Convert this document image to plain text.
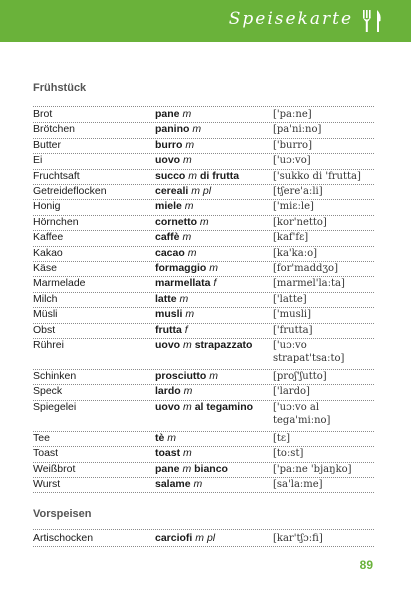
Speisekarte
Frühstück
Brot	pane m	['paːne]
Brötchen	panino m	[pa'niːno]
Butter	burro m	['burro]
Ei	uovo m	['uɔːvo]
Fruchtsaft	succo m di frutta	['sukko di 'frutta]
Getreideflocken	cereali m pl	[tʃere'aːli]
Honig	miele m	['miɛːle]
Hörnchen	cornetto m	[kor'netto]
Kaffee	caffè m	[kaf'fɛ]
Kakao	cacao m	[ka'kaːo]
Käse	formaggio m	[for'maddʒo]
Marmelade	marmellata f	[marmel'laːta]
Milch	latte m	['latte]
Müsli	musli m	['musli]
Obst	frutta f	['frutta]
Rührei	uovo m strapazzato	['uɔːvo strapat'tsaːto]
Schinken	prosciutto m	[proʃ'ʃutto]
Speck	lardo m	['lardo]
Spiegelei	uovo m al tegamino	['uɔːvo al tega'miːno]
Tee	tè m	[tɛ]
Toast	toast m	[toːst]
Weißbrot	pane m bianco	['paːne 'bjaŋko]
Wurst	salame m	[sa'laːme]
Vorspeisen
Artischocken	carciofi m pl	[kar'tʃɔːfi]
89
